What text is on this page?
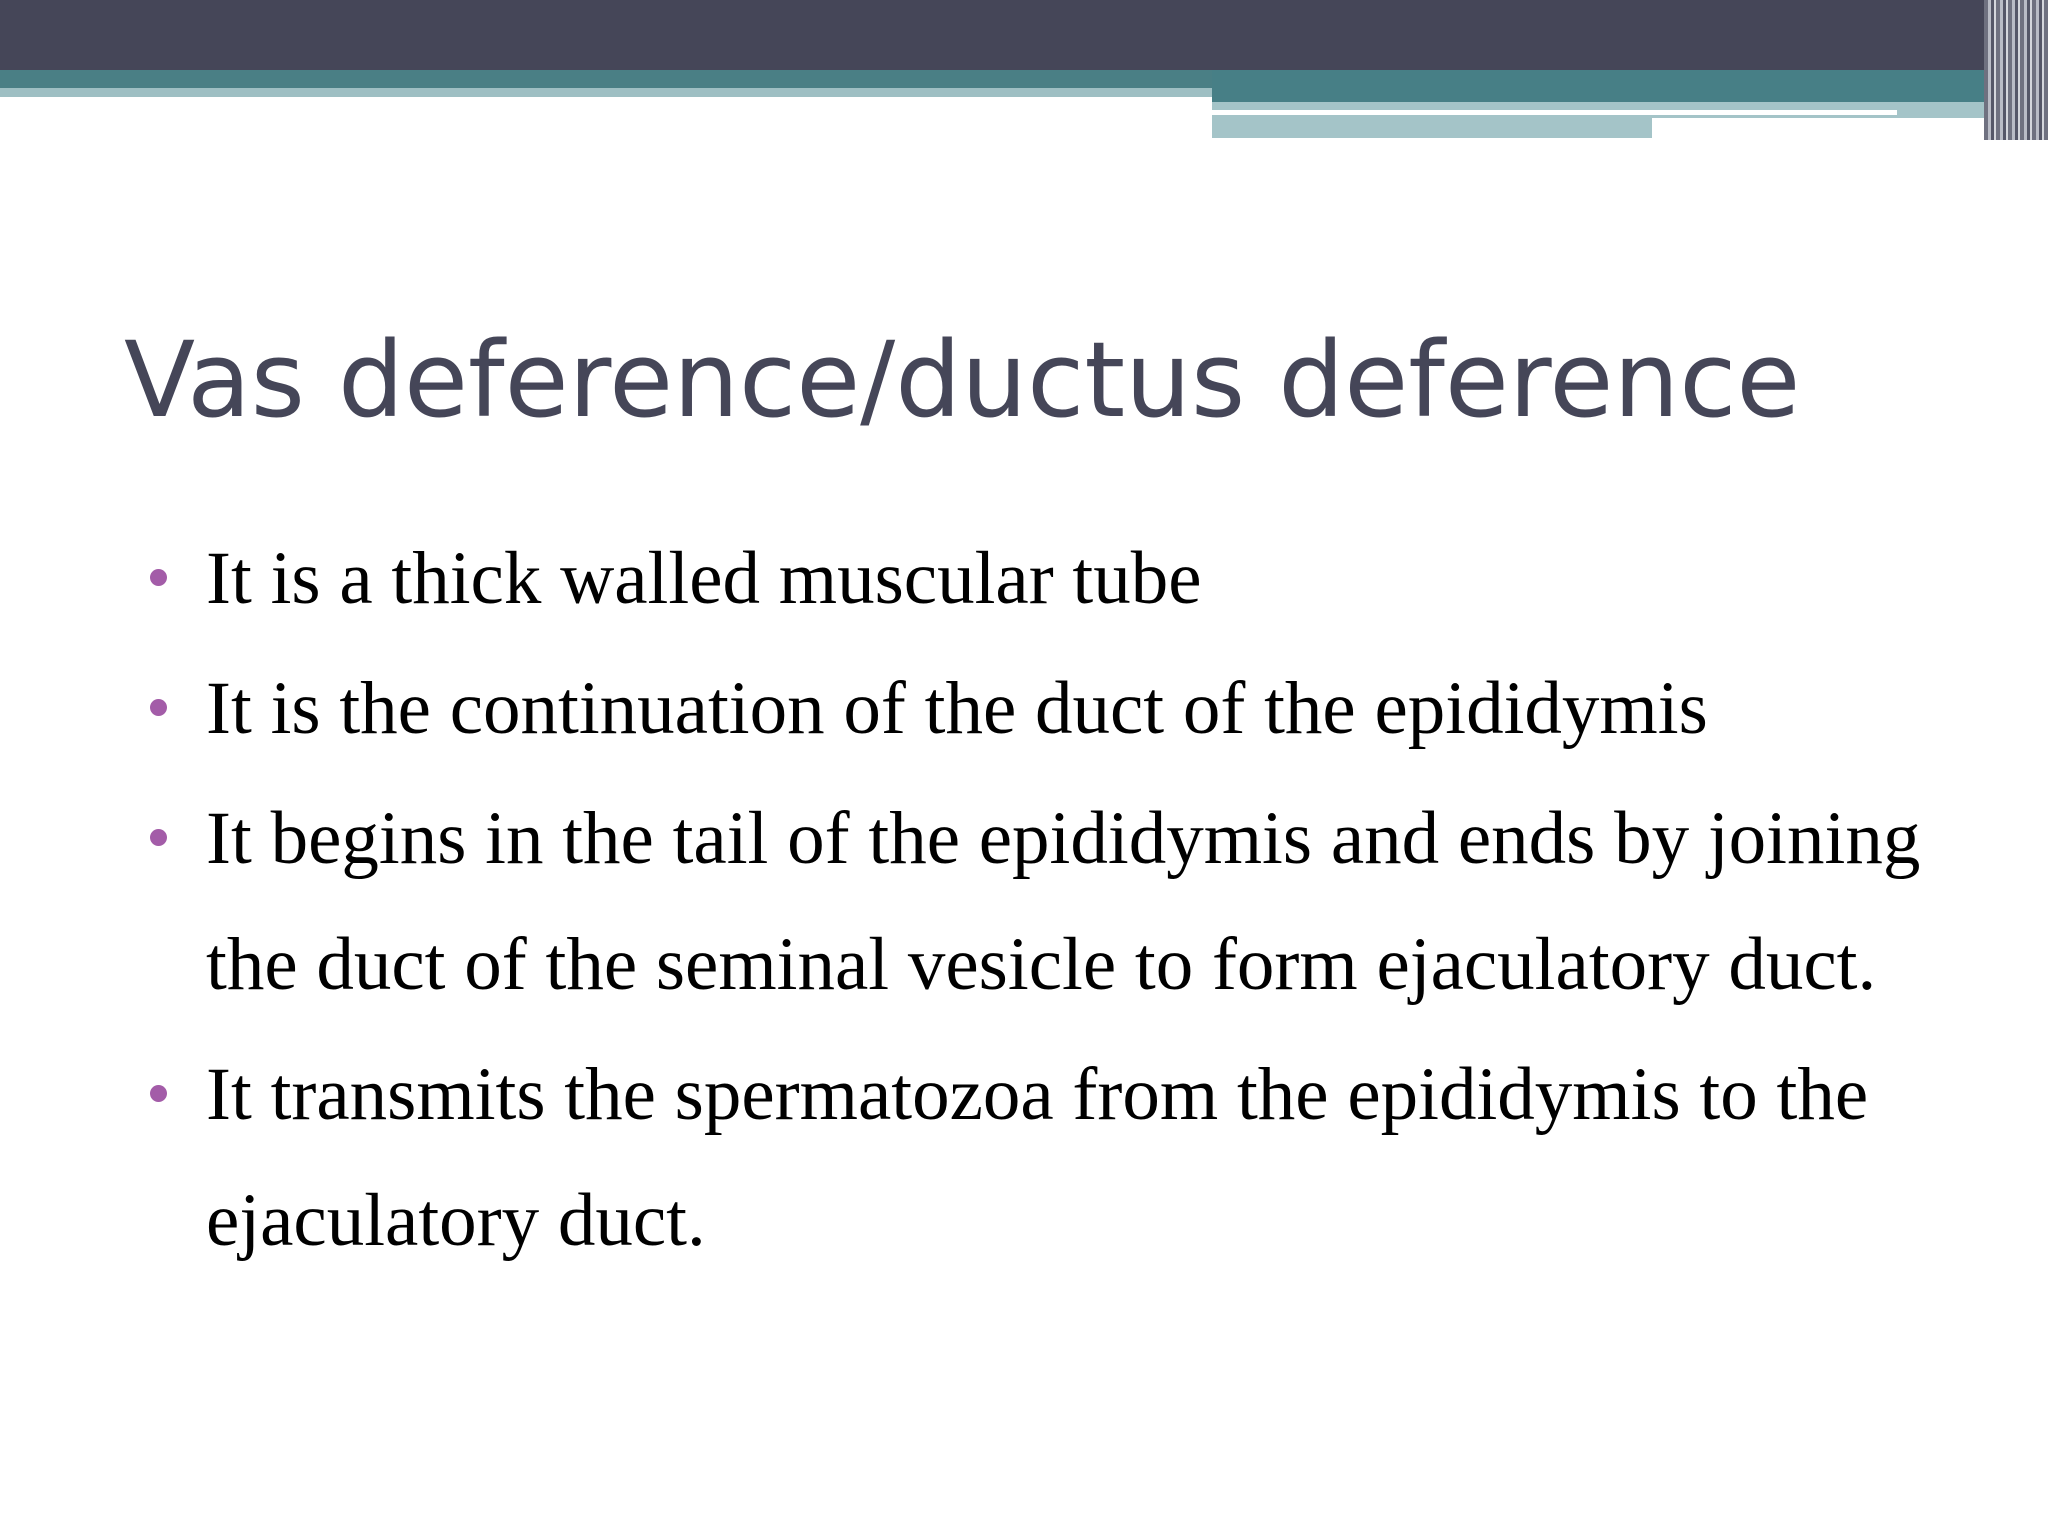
Vas deference/ductus deference
It is a thick walled muscular tube
It is the continuation of the duct of the epididymis
It begins in the tail of the epididymis and ends by joining the duct of the seminal vesicle to form ejaculatory duct.
It transmits the spermatozoa from the epididymis to the ejaculatory duct.
